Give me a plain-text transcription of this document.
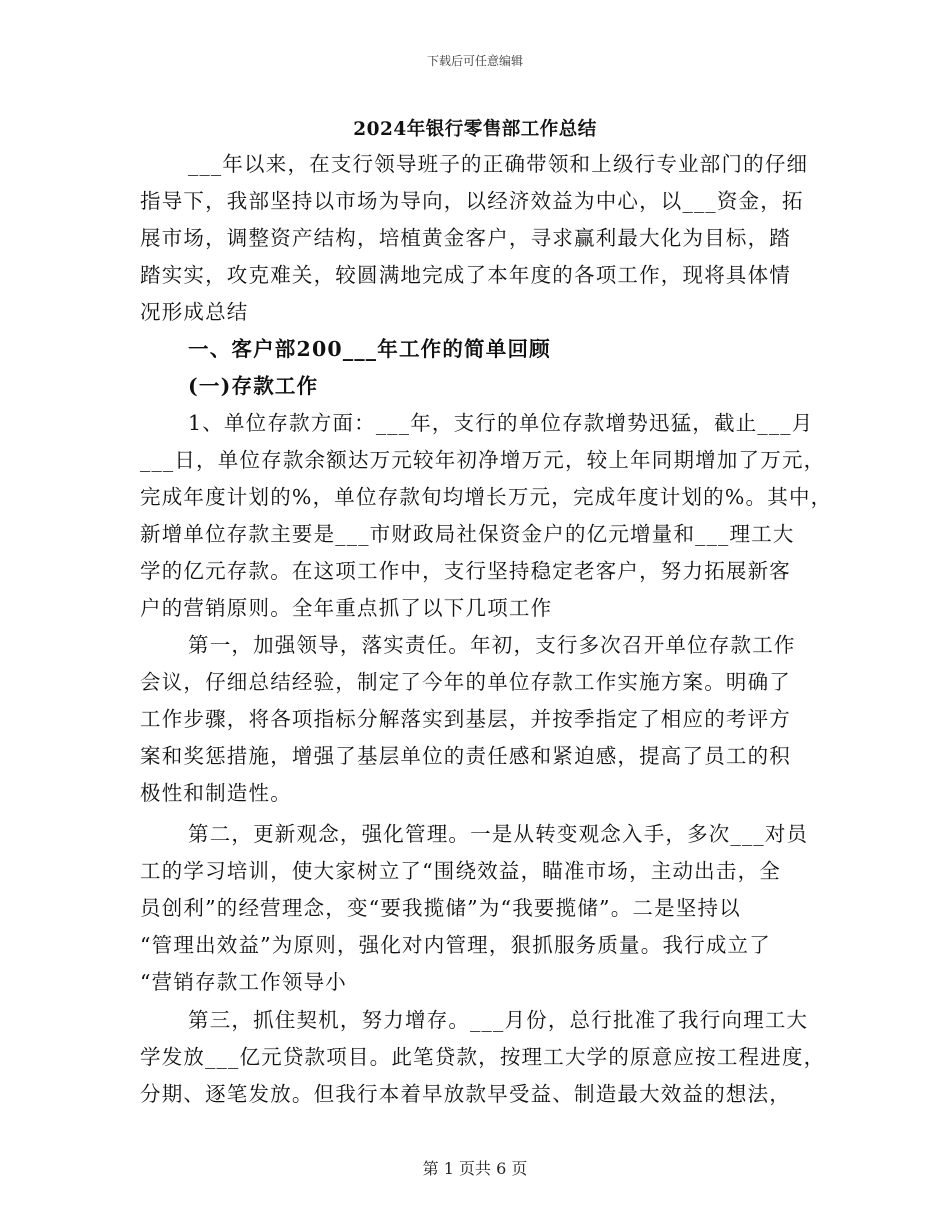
下载后可任意编辑
2024年银行零售部工作总结
___年以来，在支行领导班子的正确带领和上级行专业部门的仔细
指导下，我部坚持以市场为导向，以经济效益为中心，以___资金，拓
展市场，调整资产结构，培植黄金客户，寻求赢利最大化为目标，踏
踏实实，攻克难关，较圆满地完成了本年度的各项工作，现将具体情
况形成总结
一、客户部200___年工作的简单回顾
(一)存款工作
1、单位存款方面：___年，支行的单位存款增势迅猛，截止___月
___日，单位存款余额达万元较年初净增万元，较上年同期增加了万元，
完成年度计划的%，单位存款旬均增长万元，完成年度计划的%。其中，
新增单位存款主要是___市财政局社保资金户的亿元增量和___理工大
学的亿元存款。在这项工作中，支行坚持稳定老客户，努力拓展新客
户的营销原则。全年重点抓了以下几项工作
第一，加强领导，落实责任。年初，支行多次召开单位存款工作
会议，仔细总结经验，制定了今年的单位存款工作实施方案。明确了
工作步骤，将各项指标分解落实到基层，并按季指定了相应的考评方
案和奖惩措施，增强了基层单位的责任感和紧迫感，提高了员工的积
极性和制造性。
第二，更新观念，强化管理。一是从转变观念入手，多次___对员
工的学习培训，使大家树立了“围绕效益，瞄准市场，主动出击，全
员创利”的经营理念，变“要我揽储”为“我要揽储”。二是坚持以
“管理出效益”为原则，强化对内管理，狠抓服务质量。我行成立了
“营销存款工作领导小
第三，抓住契机，努力增存。___月份，总行批准了我行向理工大
学发放___亿元贷款项目。此笔贷款，按理工大学的原意应按工程进度，
分期、逐笔发放。但我行本着早放款早受益、制造最大效益的想法，
第 1 页共 6 页
